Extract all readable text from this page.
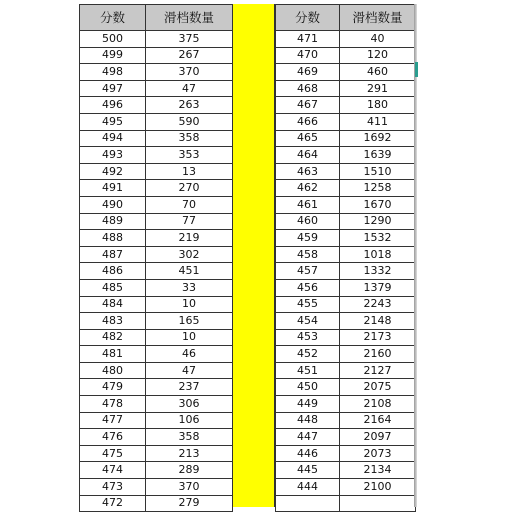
分数	滑档数量
500	375
499	267
498	370
497	47
496	263
495	590
494	358
493	353
492	13
491	270
490	70
489	77
488	219
487	302
486	451
485	33
484	10
483	165
482	10
481	46
480	47
479	237
478	306
477	106
476	358
475	213
474	289
473	370
472	279
分数	滑档数量
471	40
470	120
469	460
468	291
467	180
466	411
465	1692
464	1639
463	1510
462	1258
461	1670
460	1290
459	1532
458	1018
457	1332
456	1379
455	2243
454	2148
453	2173
452	2160
451	2127
450	2075
449	2108
448	2164
447	2097
446	2073
445	2134
444	2100
